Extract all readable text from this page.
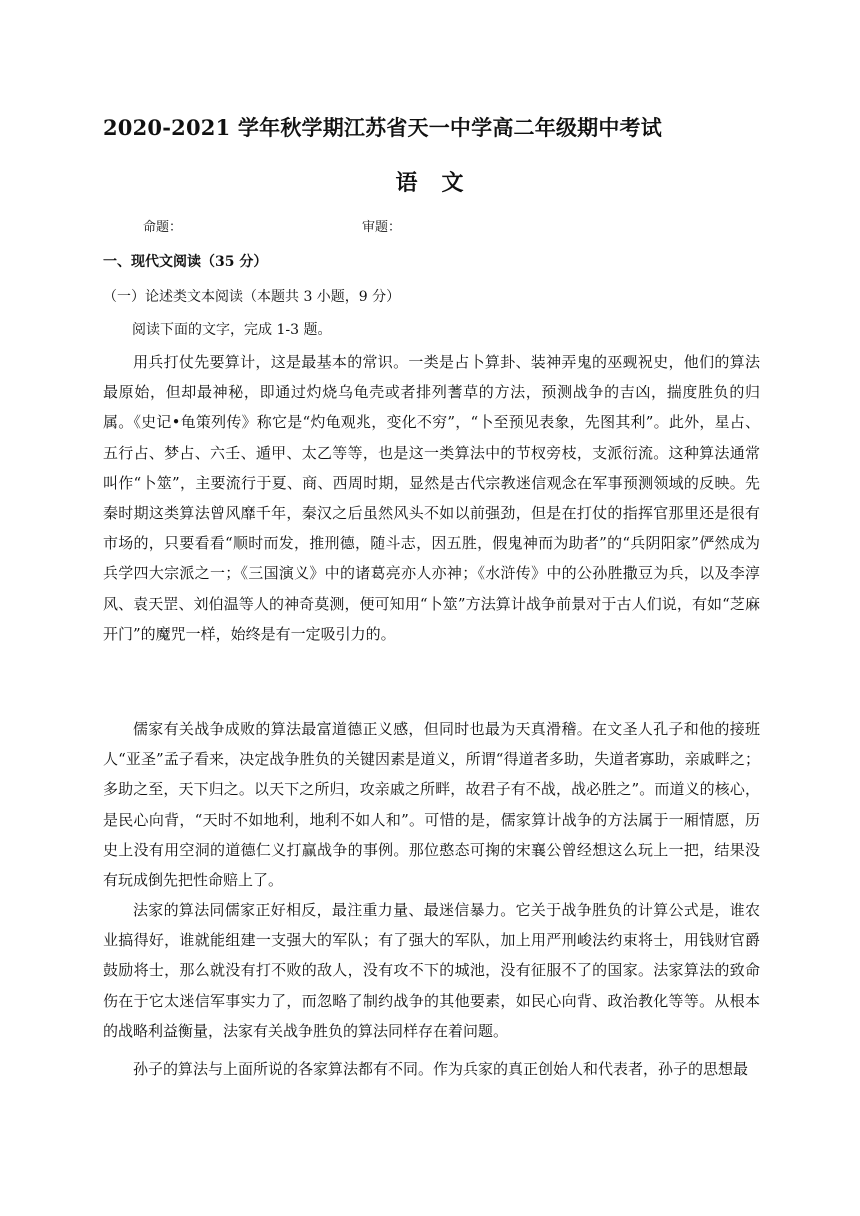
2020-2021 学年秋学期江苏省天一中学高二年级期中考试
语　文
命题：	审题：
一、现代文阅读（35 分）
（一）论述类文本阅读（本题共 3 小题，9 分）
阅读下面的文字，完成 1-3 题。

用兵打仗先要算计，这是最基本的常识。一类是占卜算卦、装神弄鬼的巫觋祝史，他们的算法最原始，但却最神秘，即通过灼烧乌龟壳或者排列蓍草的方法，预测战争的吉凶，揣度胜负的归属。《史记•龟策列传》称它是“灼龟观兆，变化不穷”，“卜至预见表象，先图其利”。此外，星占、五行占、梦占、六壬、遁甲、太乙等等，也是这一类算法中的节杈旁枝，支派衍流。这种算法通常叫作“卜筮”，主要流行于夏、商、西周时期，显然是古代宗教迷信观念在军事预测领域的反映。先秦时期这类算法曾风靡千年，秦汉之后虽然风头不如以前强劲，但是在打仗的指挥官那里还是很有市场的，只要看看“顺时而发，推刑德，随斗志，因五胜，假鬼神而为助者”的“兵阴阳家”俨然成为兵学四大宗派之一；《三国演义》中的诸葛亮亦人亦神；《水浒传》中的公孙胜撒豆为兵，以及李淳风、袁天罡、刘伯温等人的神奇莫测，便可知用“卜筮”方法算计战争前景对于古人们说，有如“芝麻开门”的魔咒一样，始终是有一定吸引力的。

儒家有关战争成败的算法最富道德正义感，但同时也最为天真滑稽。在文圣人孔子和他的接班人“亚圣”孟子看来，决定战争胜负的关键因素是道义，所谓“得道者多助，失道者寡助，亲戚畔之；多助之至，天下归之。以天下之所归，攻亲戚之所畔，故君子有不战，战必胜之”。而道义的核心，是民心向背，“天时不如地利，地利不如人和”。可惜的是，儒家算计战争的方法属于一厢情愿，历史上没有用空洞的道德仁义打赢战争的事例。那位憨态可掬的宋襄公曾经想这么玩上一把，结果没有玩成倒先把性命赔上了。

法家的算法同儒家正好相反，最注重力量、最迷信暴力。它关于战争胜负的计算公式是，谁农业搞得好，谁就能组建一支强大的军队；有了强大的军队，加上用严刑峻法约束将士，用钱财官爵鼓励将士，那么就没有打不败的敌人，没有攻不下的城池，没有征服不了的国家。法家算法的致命伤在于它太迷信军事实力了，而忽略了制约战争的其他要素，如民心向背、政治教化等等。从根本的战略利益衡量，法家有关战争胜负的算法同样存在着问题。

孙子的算法与上面所说的各家算法都有不同。作为兵家的真正创始人和代表者，孙子的思想最
